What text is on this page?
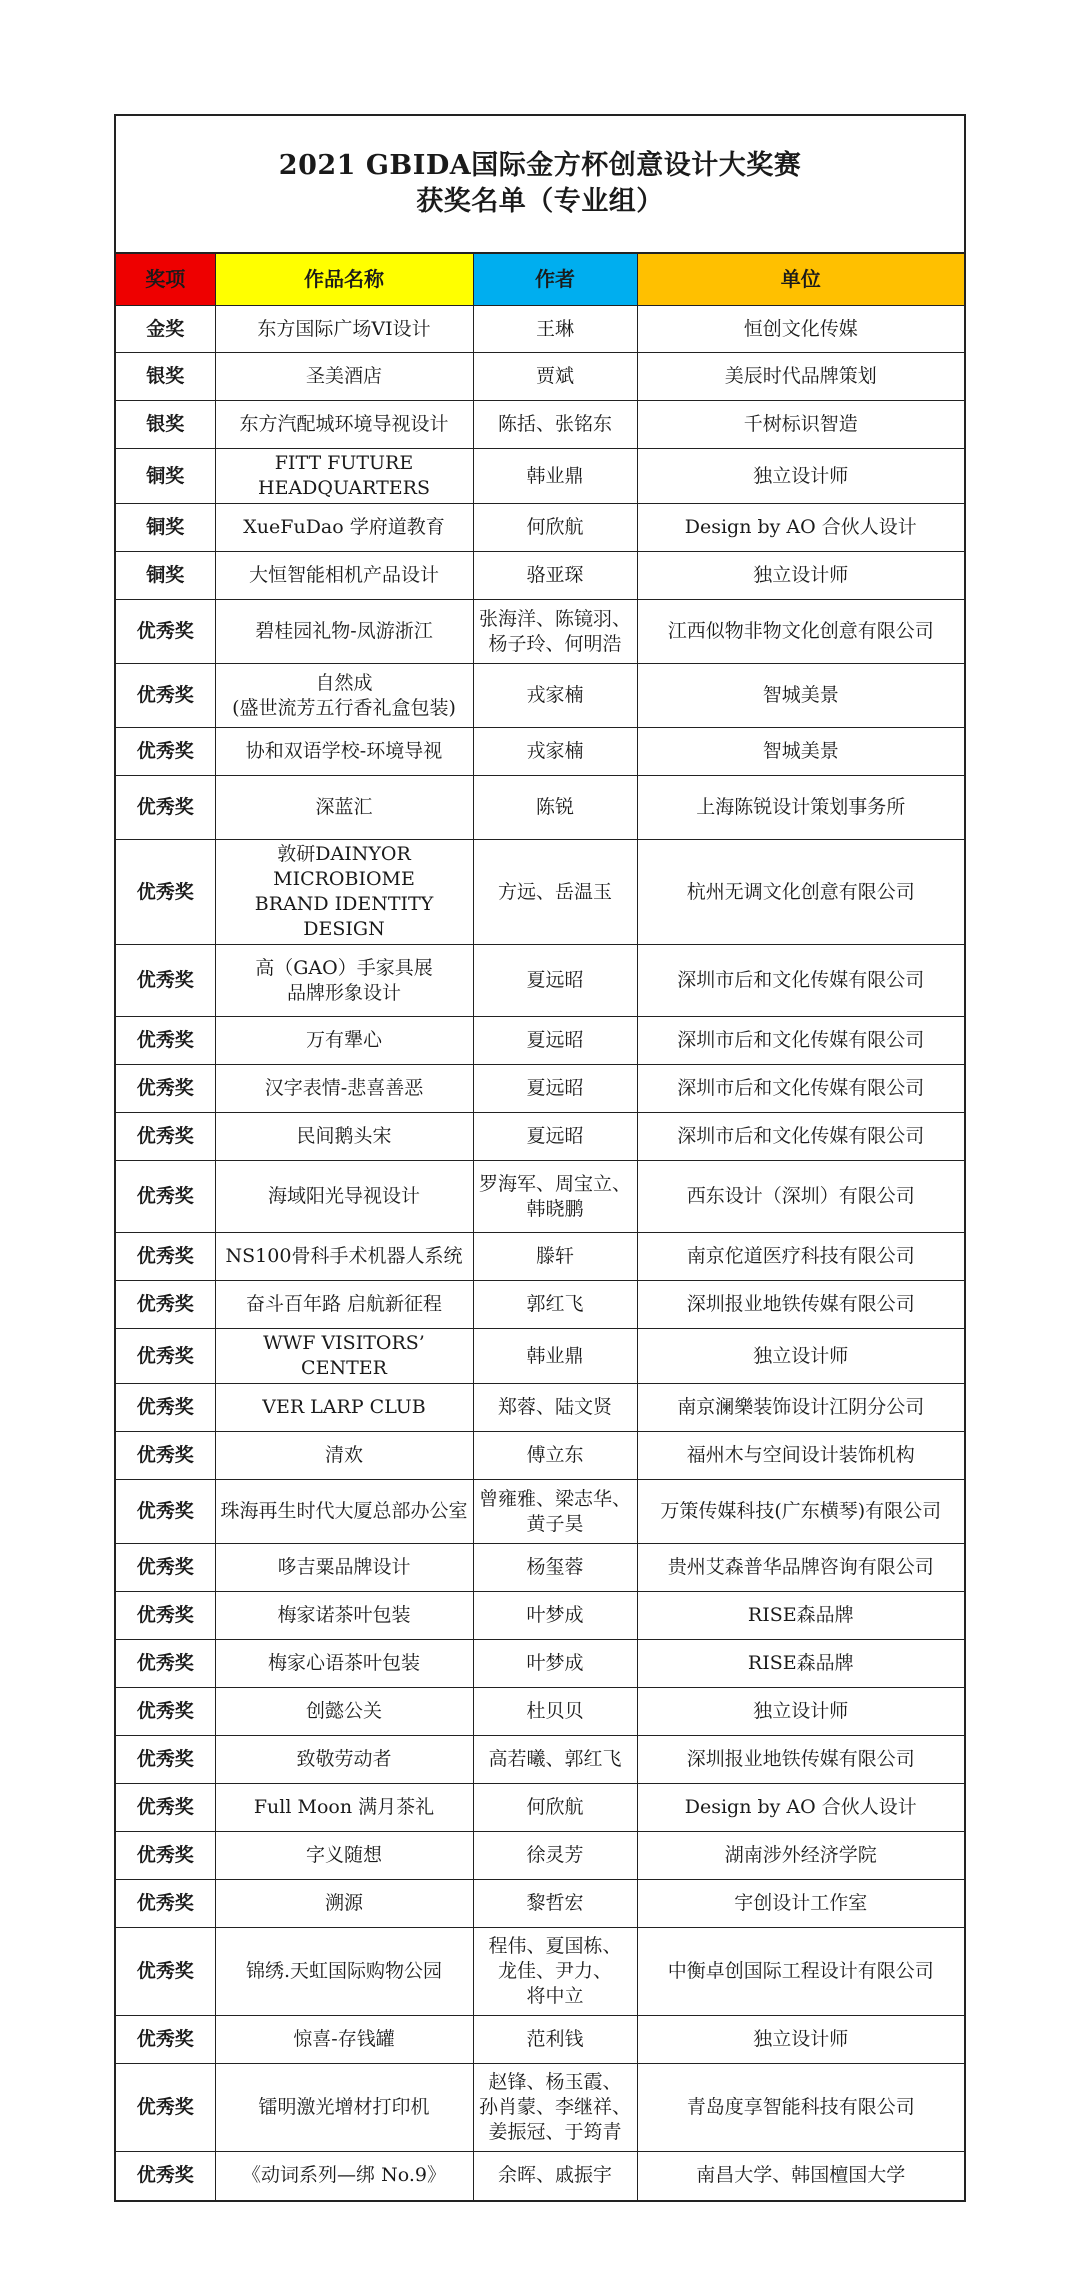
2021 GBIDA国际金方杯创意设计大奖赛
获奖名单（专业组）
奖项	作品名称	作者	单位
金奖	东方国际广场VI设计	王琳	恒创文化传媒
银奖	圣美酒店	贾斌	美辰时代品牌策划
银奖	东方汽配城环境导视设计	陈括、张铭东	千树标识智造
铜奖	FITT FUTURE HEADQUARTERS	韩业鼎	独立设计师
铜奖	XueFuDao 学府道教育	何欣航	Design by AO 合伙人设计
铜奖	大恒智能相机产品设计	骆亚琛	独立设计师
优秀奖	碧桂园礼物-凤游浙江	张海洋、陈镜羽、
杨子玲、何明浩	江西似物非物文化创意有限公司
优秀奖	自然成
(盛世流芳五行香礼盒包装)	戎家楠	智城美景
优秀奖	协和双语学校-环境导视	戎家楠	智城美景
优秀奖	深蓝汇	陈锐	上海陈锐设计策划事务所
优秀奖	敦研DAINYOR MICROBIOME
BRAND IDENTITY DESIGN	方远、岳温玉	杭州无调文化创意有限公司
优秀奖	高（GAO）手家具展
品牌形象设计	夏远昭	深圳市后和文化传媒有限公司
优秀奖	万有犟心	夏远昭	深圳市后和文化传媒有限公司
优秀奖	汉字表情-悲喜善恶	夏远昭	深圳市后和文化传媒有限公司
优秀奖	民间鹅头宋	夏远昭	深圳市后和文化传媒有限公司
优秀奖	海域阳光导视设计	罗海军、周宝立、
韩晓鹏	西东设计（深圳）有限公司
优秀奖	NS100骨科手术机器人系统	滕轩	南京佗道医疗科技有限公司
优秀奖	奋斗百年路 启航新征程	郭红飞	深圳报业地铁传媒有限公司
优秀奖	WWF VISITORS’ CENTER	韩业鼎	独立设计师
优秀奖	VER LARP CLUB	郑蓉、陆文贤	南京澜樂装饰设计江阴分公司
优秀奖	清欢	傅立东	福州木与空间设计装饰机构
优秀奖	珠海再生时代大厦总部办公室	曾雍雅、梁志华、
黄子昊	万策传媒科技(广东横琴)有限公司
优秀奖	哆吉粟品牌设计	杨玺蓉	贵州艾森普华品牌咨询有限公司
优秀奖	梅家诺茶叶包装	叶梦成	RISE森品牌
优秀奖	梅家心语茶叶包装	叶梦成	RISE森品牌
优秀奖	创懿公关	杜贝贝	独立设计师
优秀奖	致敬劳动者	高若曦、郭红飞	深圳报业地铁传媒有限公司
优秀奖	Full Moon 满月茶礼	何欣航	Design by AO 合伙人设计
优秀奖	字义随想	徐灵芳	湖南涉外经济学院
优秀奖	溯源	黎哲宏	宇创设计工作室
优秀奖	锦绣.天虹国际购物公园	程伟、夏国栋、
龙佳、尹力、
将中立	中衡卓创国际工程设计有限公司
优秀奖	惊喜-存钱罐	范利钱	独立设计师
优秀奖	镭明激光增材打印机	赵锋、杨玉霞、
孙肖蒙、李继祥、
姜振冠、于筠青	青岛度享智能科技有限公司
优秀奖	《动词系列—绑 No.9》	余晖、戚振宇	南昌大学、韩国檀国大学
